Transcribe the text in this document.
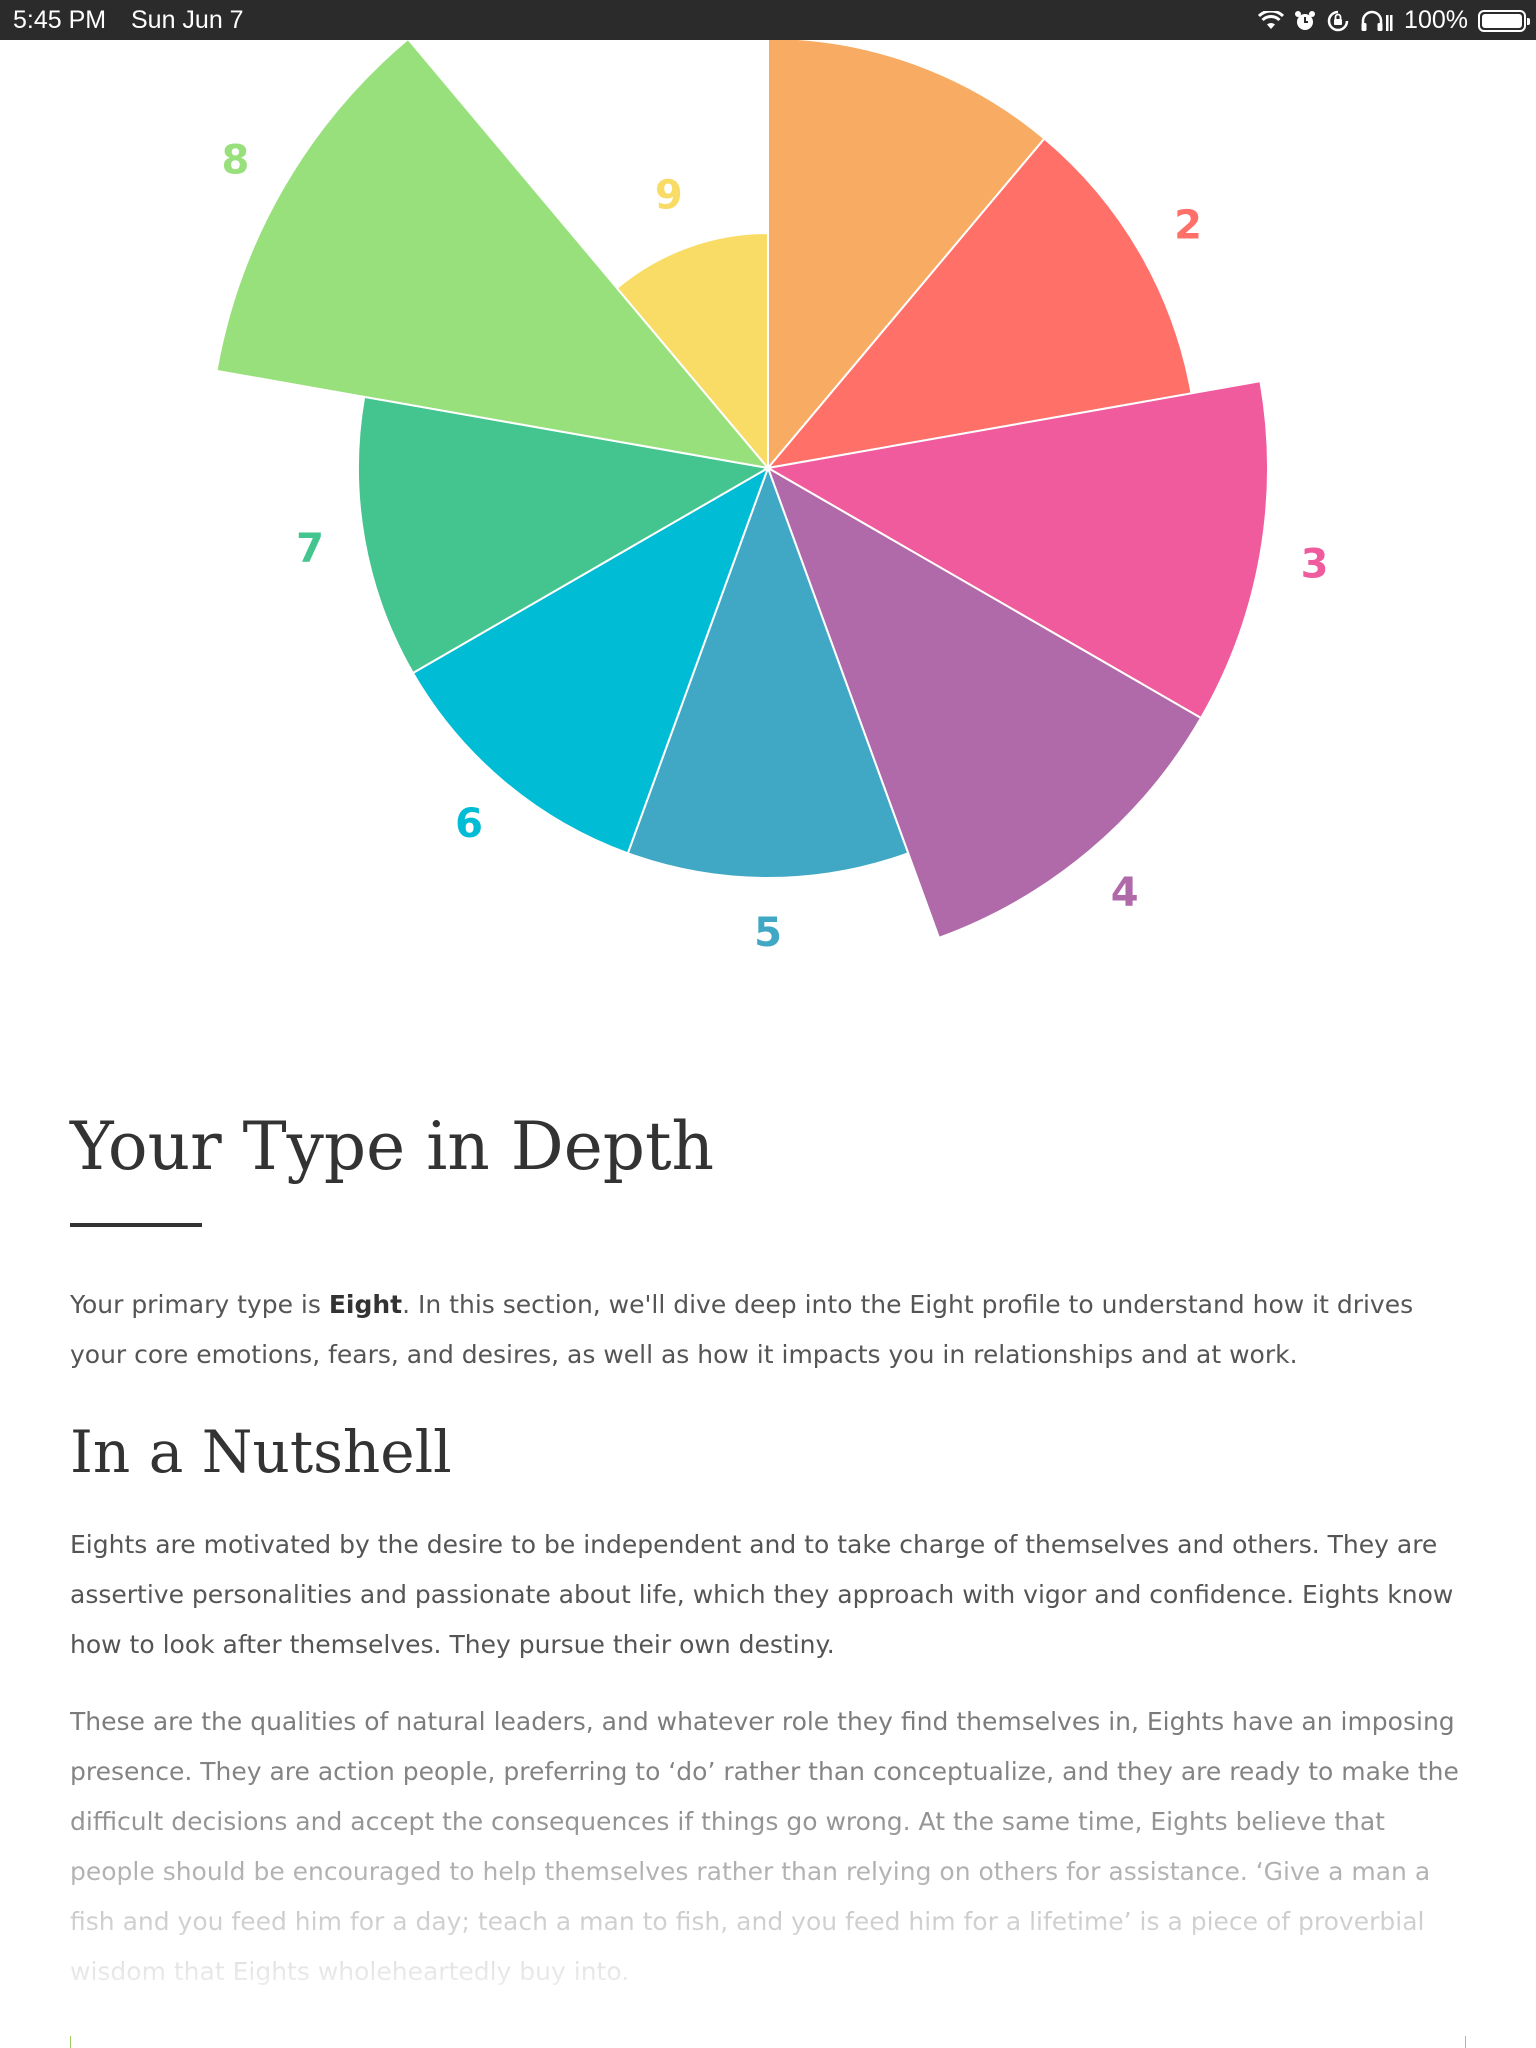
5:45 PM Sun Jun 7	100%
2
3
4
5
6
7
8
9
Your Type in Depth

Your primary type is Eight. In this section, we'll dive deep into the Eight profile to understand how it drives your core emotions, fears, and desires, as well as how it impacts you in relationships and at work.

In a Nutshell

Eights are motivated by the desire to be independent and to take charge of themselves and others. They are assertive personalities and passionate about life, which they approach with vigor and confidence. Eights know how to look after themselves. They pursue their own destiny.

These are the qualities of natural leaders, and whatever role they find themselves in, Eights have an imposing presence. They are action people, preferring to ‘do’ rather than conceptualize, and they are ready to make the difficult decisions and accept the consequences if things go wrong. At the same time, Eights believe that people should be encouraged to help themselves rather than relying on others for assistance. ‘Give a man a fish and you feed him for a day; teach a man to fish, and you feed him for a lifetime’ is a piece of proverbial wisdom that Eights wholeheartedly buy into.
